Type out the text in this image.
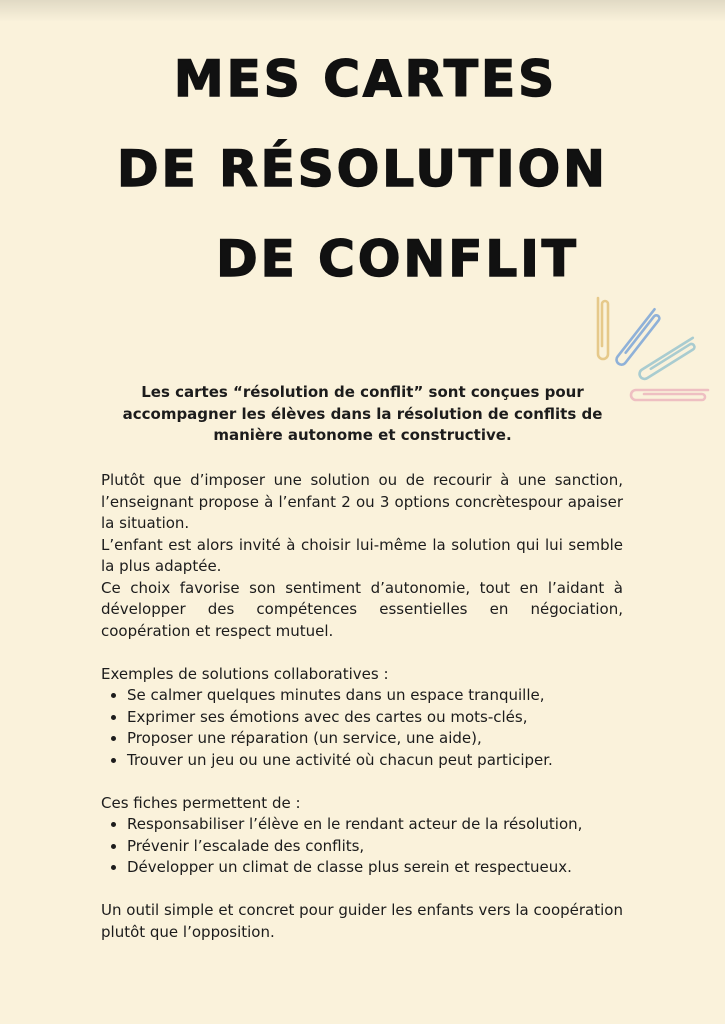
MES CARTES
DE RÉSOLUTION
DE CONFLIT

Les cartes “résolution de conflit” sont conçues pour accompagner les élèves dans la résolution de conflits de manière autonome et constructive.

Plutôt que d’imposer une solution ou de recourir à une sanction, l’enseignant propose à l’enfant 2 ou 3 options concrètespour apaiser la situation.

L’enfant est alors invité à choisir lui-même la solution qui lui semble la plus adaptée.

Ce choix favorise son sentiment d’autonomie, tout en l’aidant à développer des compétences essentielles en négociation, coopération et respect mutuel.

Exemples de solutions collaboratives :

• Se calmer quelques minutes dans un espace tranquille,
• Exprimer ses émotions avec des cartes ou mots-clés,
• Proposer une réparation (un service, une aide),
• Trouver un jeu ou une activité où chacun peut participer.

Ces fiches permettent de :

• Responsabiliser l’élève en le rendant acteur de la résolution,
• Prévenir l’escalade des conflits,
• Développer un climat de classe plus serein et respectueux.

Un outil simple et concret pour guider les enfants vers la coopération plutôt que l’opposition.
